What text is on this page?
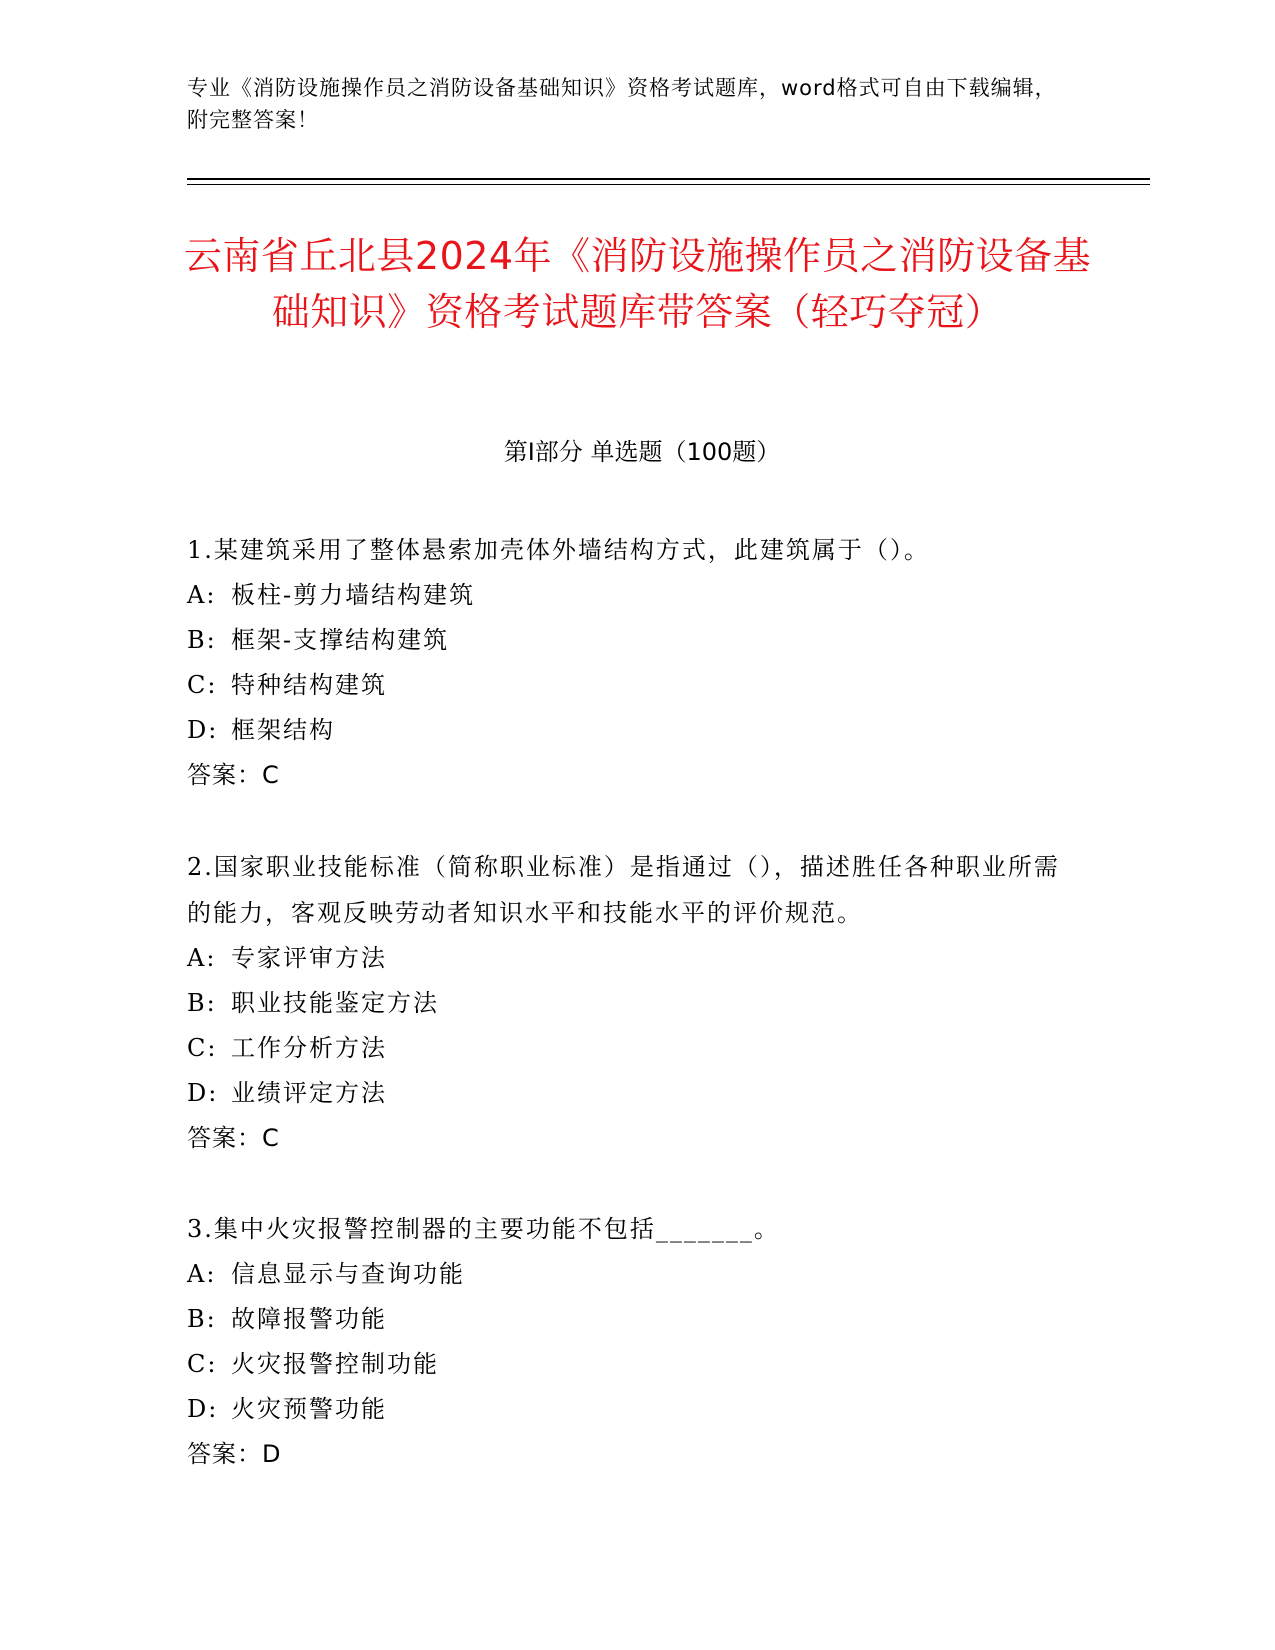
专业《消防设施操作员之消防设备基础知识》资格考试题库，word格式可自由下载编辑，附完整答案！
云南省丘北县2024年《消防设施操作员之消防设备基础知识》资格考试题库带答案（轻巧夺冠）
第Ⅰ部分 单选题（100题）
1.某建筑采用了整体悬索加壳体外墙结构方式，此建筑属于（）。
A: 板柱-剪力墙结构建筑
B: 框架-支撑结构建筑
C: 特种结构建筑
D: 框架结构
答案：C
2.国家职业技能标准（简称职业标准）是指通过（），描述胜任各种职业所需的能力，客观反映劳动者知识水平和技能水平的评价规范。
A: 专家评审方法
B: 职业技能鉴定方法
C: 工作分析方法
D: 业绩评定方法
答案：C
3.集中火灾报警控制器的主要功能不包括_______。
A: 信息显示与查询功能
B: 故障报警功能
C: 火灾报警控制功能
D: 火灾预警功能
答案：D
